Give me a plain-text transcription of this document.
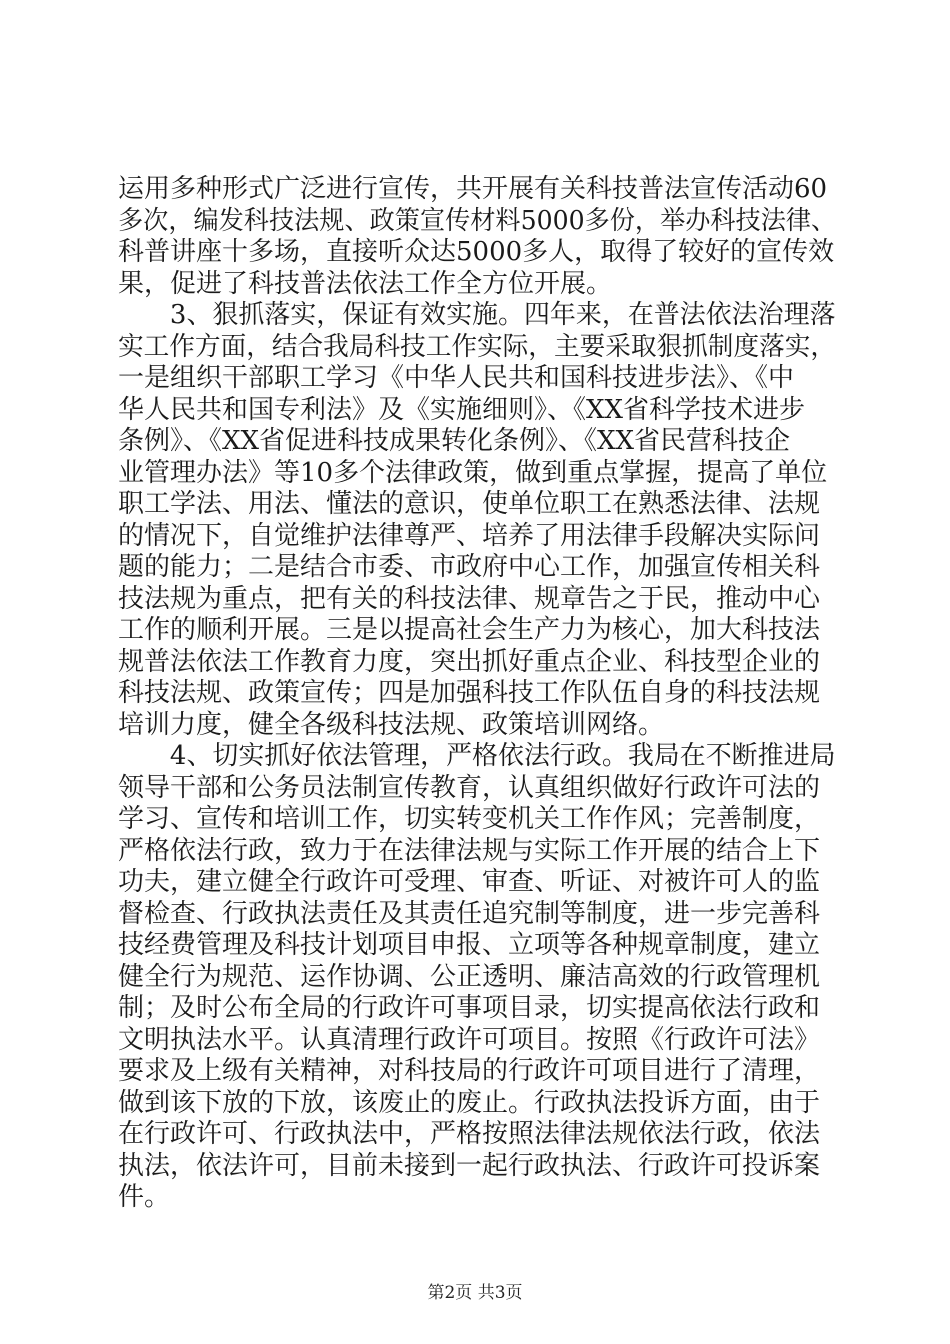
运用多种形式广泛进行宣传，共开展有关科技普法宣传活动60

多次，编发科技法规、政策宣传材料5000多份，举办科技法律、

科普讲座十多场，直接听众达5000多人，取得了较好的宣传效

果，促进了科技普法依法工作全方位开展。

　　3、狠抓落实，保证有效实施。四年来，在普法依法治理落

实工作方面，结合我局科技工作实际，主要采取狠抓制度落实，

一是组织干部职工学习《中华人民共和国科技进步法》、《中

华人民共和国专利法》及《实施细则》、《XX省科学技术进步

条例》、《XX省促进科技成果转化条例》、《XX省民营科技企

业管理办法》等10多个法律政策，做到重点掌握，提高了单位

职工学法、用法、懂法的意识，使单位职工在熟悉法律、法规

的情况下，自觉维护法律尊严、培养了用法律手段解决实际问

题的能力；二是结合市委、市政府中心工作，加强宣传相关科

技法规为重点，把有关的科技法律、规章告之于民，推动中心

工作的顺利开展。三是以提高社会生产力为核心，加大科技法

规普法依法工作教育力度，突出抓好重点企业、科技型企业的

科技法规、政策宣传；四是加强科技工作队伍自身的科技法规

培训力度，健全各级科技法规、政策培训网络。

　　4、切实抓好依法管理，严格依法行政。我局在不断推进局

领导干部和公务员法制宣传教育，认真组织做好行政许可法的

学习、宣传和培训工作，切实转变机关工作作风；完善制度，

严格依法行政，致力于在法律法规与实际工作开展的结合上下

功夫，建立健全行政许可受理、审查、听证、对被许可人的监

督检查、行政执法责任及其责任追究制等制度，进一步完善科

技经费管理及科技计划项目申报、立项等各种规章制度，建立

健全行为规范、运作协调、公正透明、廉洁高效的行政管理机

制；及时公布全局的行政许可事项目录，切实提高依法行政和

文明执法水平。认真清理行政许可项目。按照《行政许可法》

要求及上级有关精神，对科技局的行政许可项目进行了清理，

做到该下放的下放，该废止的废止。行政执法投诉方面，由于

在行政许可、行政执法中，严格按照法律法规依法行政，依法

执法，依法许可，目前未接到一起行政执法、行政许可投诉案

件。

第2页 共3页
